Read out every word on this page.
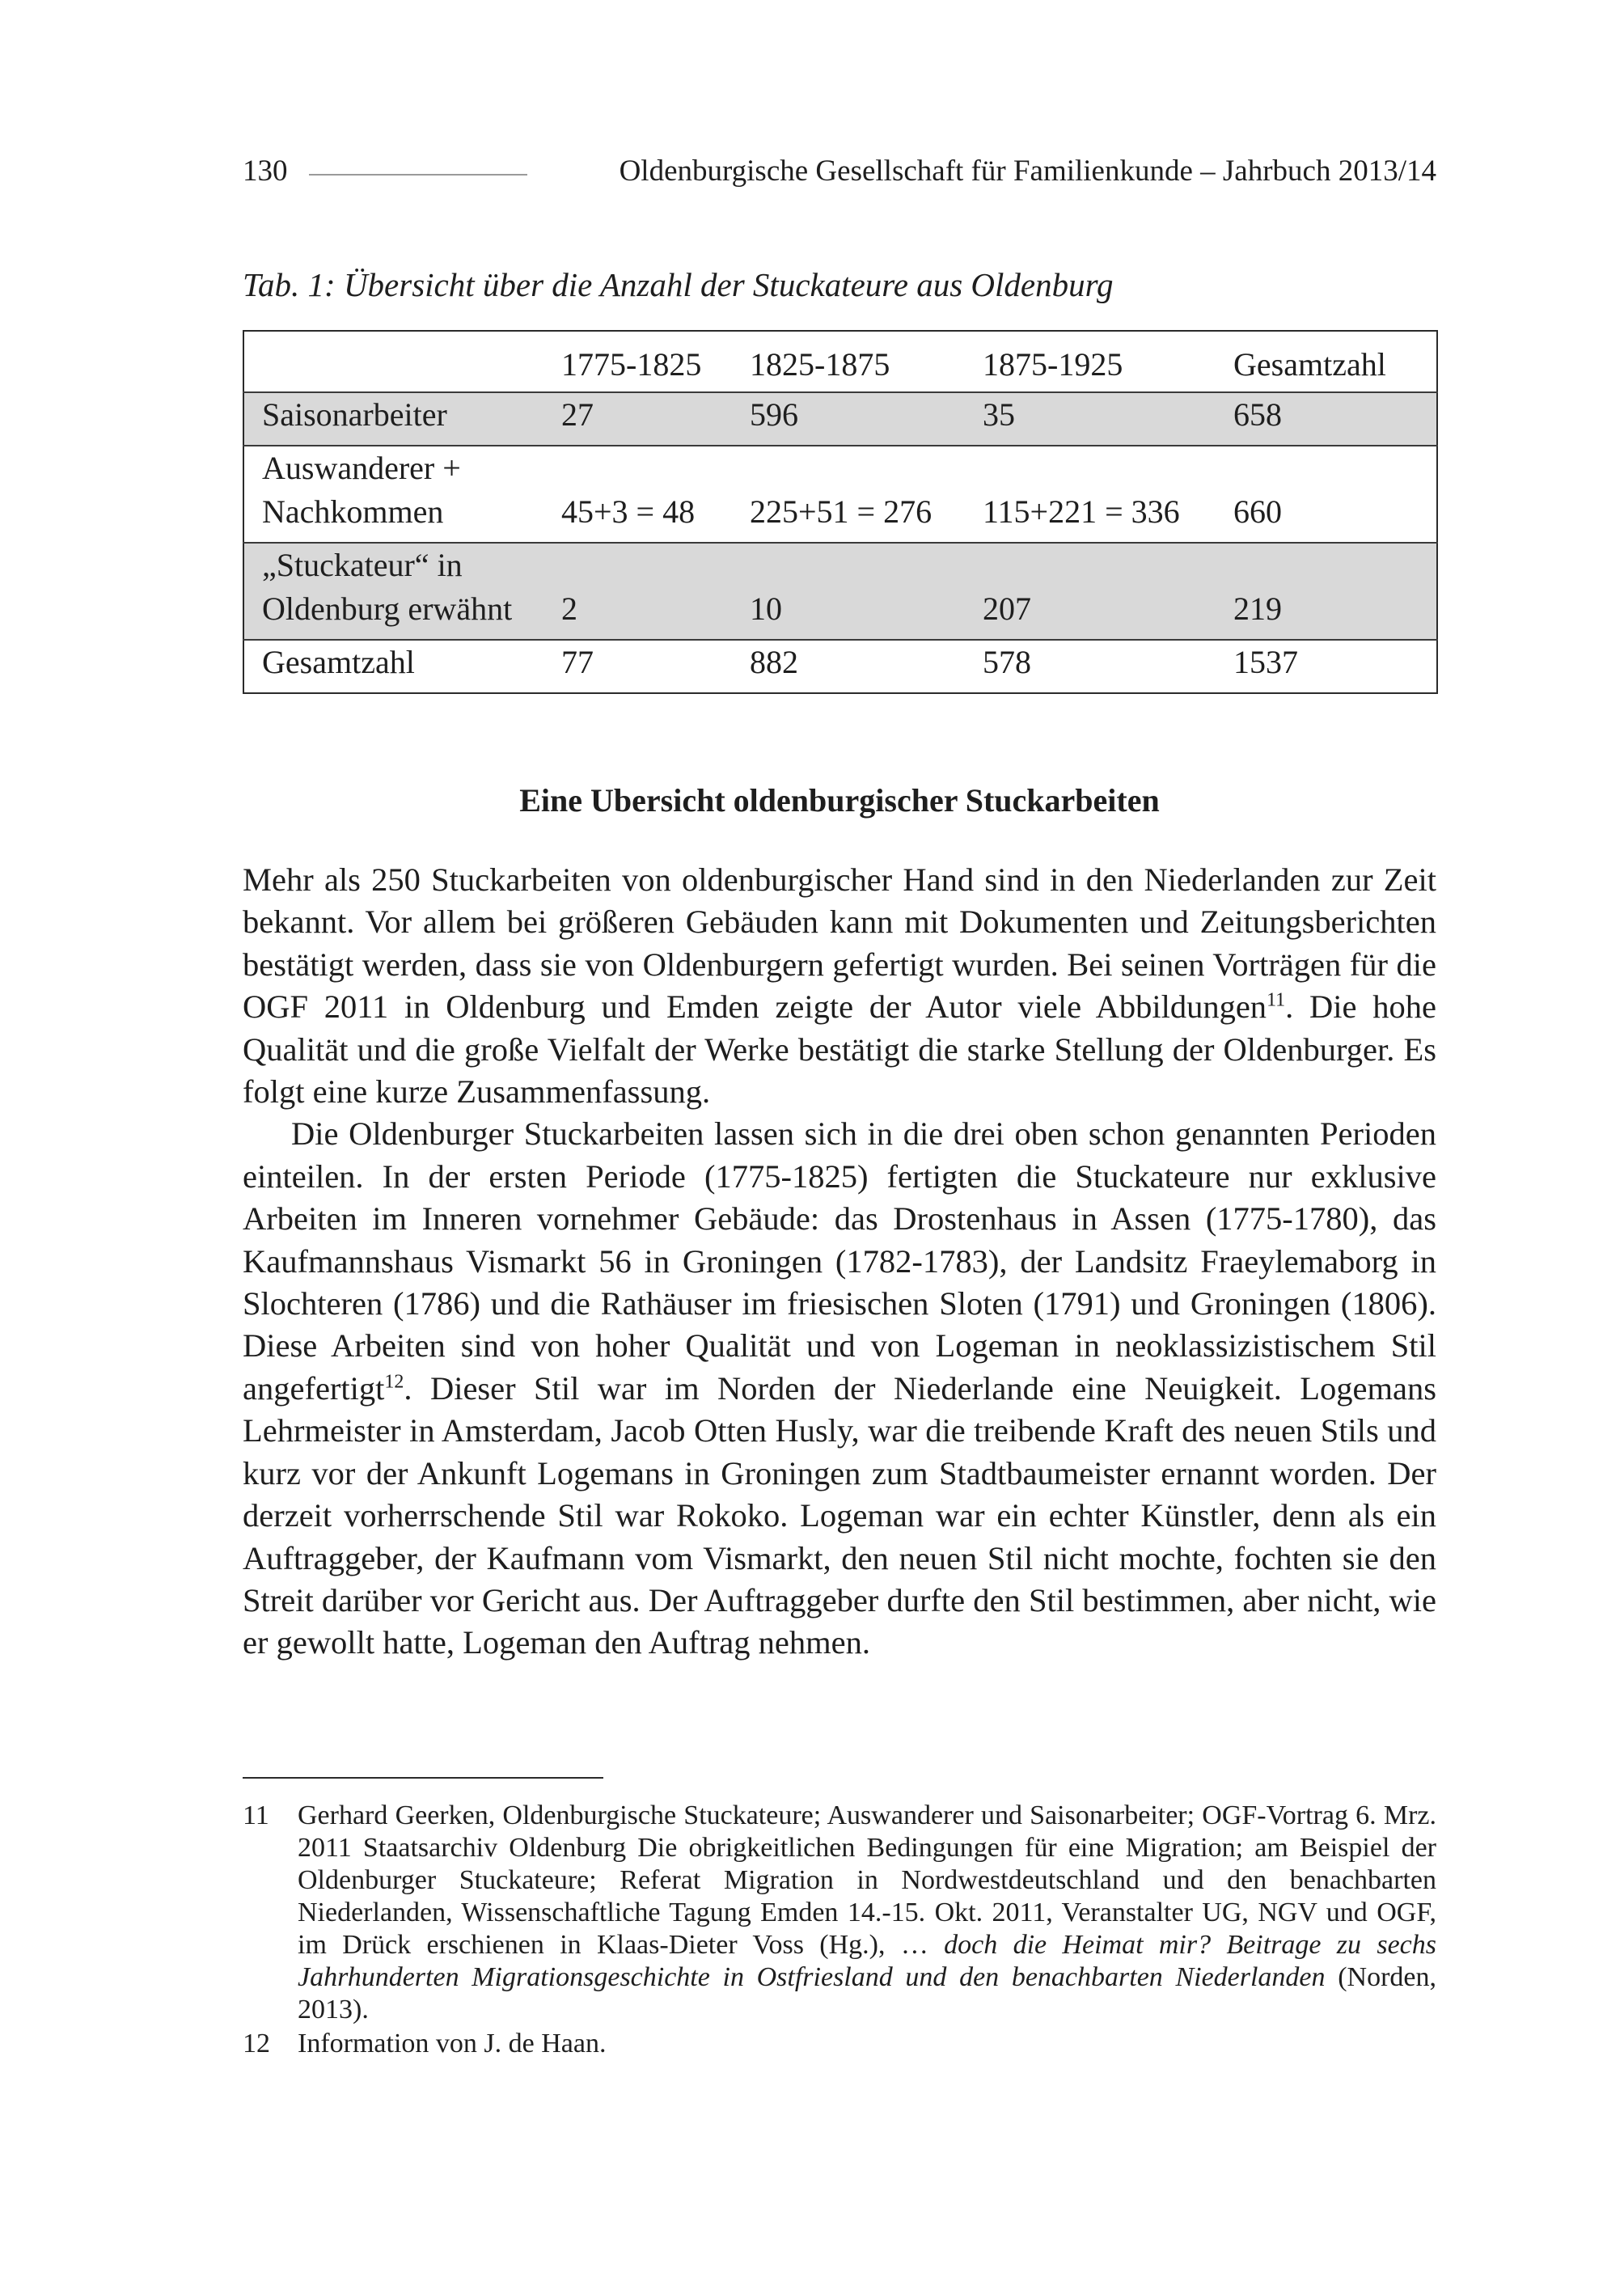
130	Oldenburgische Gesellschaft für Familienkunde – Jahrbuch 2013/14
Tab. 1: Übersicht über die Anzahl der Stuckateure aus Oldenburg
	1775-1825	1825-1875	1875-1925	Gesamtzahl
Saisonarbeiter	27	596	35	658
Auswanderer +
Nachkommen	45+3 = 48	225+51 = 276	115+221 = 336	660
„Stuckateur“ in
Oldenburg erwähnt	2	10	207	219
Gesamtzahl	77	882	578	1537
Eine Ubersicht oldenburgischer Stuckarbeiten

Mehr als 250 Stuckarbeiten von oldenburgischer Hand sind in den Niederlanden zur Zeit bekannt. Vor allem bei größeren Gebäuden kann mit Dokumenten und Zeitungsberichten bestätigt werden, dass sie von Oldenburgern gefertigt wurden. Bei seinen Vorträgen für die OGF 2011 in Oldenburg und Emden zeigte der Autor viele Abbildungen$^{11}$. Die hohe Qualität und die große Vielfalt der Werke bestätigt die starke Stellung der Oldenburger. Es folgt eine kurze Zusammenfassung.

Die Oldenburger Stuckarbeiten lassen sich in die drei oben schon genannten Perioden einteilen. In der ersten Periode (1775-1825) fertigten die Stuckateure nur exklusive Arbeiten im Inneren vornehmer Gebäude: das Drostenhaus in Assen (1775-1780), das Kaufmannshaus Vismarkt 56 in Groningen (1782-1783), der Landsitz Fraeylemaborg in Slochteren (1786) und die Rathäuser im friesischen Sloten (1791) und Groningen (1806). Diese Arbeiten sind von hoher Qualität und von Logeman in neoklassizistischem Stil angefertigt$^{12}$. Dieser Stil war im Norden der Niederlande eine Neuigkeit. Logemans Lehrmeister in Amsterdam, Jacob Otten Husly, war die treibende Kraft des neuen Stils und kurz vor der Ankunft Logemans in Groningen zum Stadtbaumeister ernannt worden. Der derzeit vorherrschende Stil war Rokoko. Logeman war ein echter Künstler, denn als ein Auftraggeber, der Kaufmann vom Vismarkt, den neuen Stil nicht mochte, fochten sie den Streit darüber vor Gericht aus. Der Auftraggeber durfte den Stil bestimmen, aber nicht, wie er gewollt hatte, Logeman den Auftrag nehmen.

11	Gerhard Geerken, Oldenburgische Stuckateure; Auswanderer und Saisonarbeiter; OGF-Vortrag 6. Mrz. 2011 Staatsarchiv Oldenburg Die obrigkeitlichen Bedingungen für eine Migration; am Beispiel der Oldenburger Stuckateure; Referat Migration in Nordwestdeutschland und den benachbarten Niederlanden, Wissenschaftliche Tagung Emden 14.-15. Okt. 2011, Veranstalter UG, NGV und OGF, im Drück erschienen in Klaas-Dieter Voss (Hg.), … doch die Heimat mir? Beitrage zu sechs Jahrhunderten Migrationsgeschichte in Ostfriesland und den benachbarten Niederlanden (Norden, 2013).
12	Information von J. de Haan.
